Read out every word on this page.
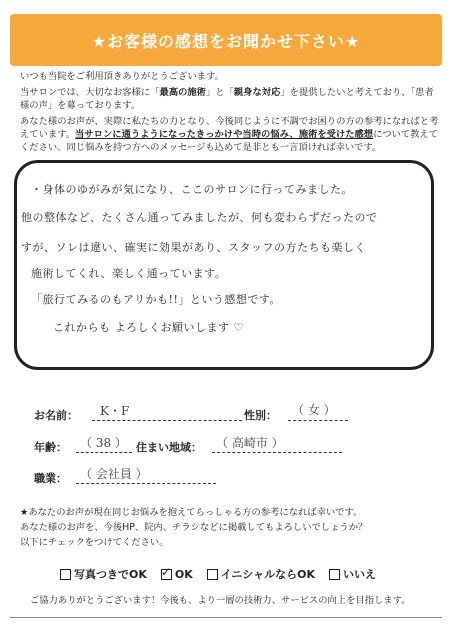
★お客様の感想をお聞かせ下さい★

いつも当院をご利用頂きありがとうございます。

当サロンでは、大切なお客様に「最高の施術」と「親身な対応」を提供したいと考えており、「患者様の声」を募っております。

あなた様のお声が、実際に私たちの力となり、今後同じように不調でお困りの方の参考になればと考えています。当サロンに通うようになったきっかけや当時の悩み、施術を受けた感想について教えてください。同じ悩みを持つ方へのメッセージも込めて是非とも一言頂ければ幸いです。

・身体のゆがみが気になり、ここのサロンに行ってみました。
他の整体など、たくさん通ってみましたが、何も変わらずだったので
すが、ソレは違い、確実に効果があり、スタッフの方たちも楽しく
施術してくれ、楽しく通っています。
「旅行てみるのもアリかも!!」という感想です。
これからも よろしくお願いします ♡
お名前： K・F	性別： （ 女 ）
年齢： （ 38 ） 住まい地域： （ 高崎市 ）
職業： （ 会社員 ）

★あなたのお声が現在同じお悩みを抱えてらっしゃる方の参考になれば幸いです。

あなた様のお声を、今後HP、院内、チラシなどに掲載してもよろしいでしょうか？

以下にチェックをつけてください。

写真つきでOK ✓ OK	イニシャルならOK	いいえ
ご協力ありがとうございます！今後も、より一層の技術力、サービスの向上を目指します。
